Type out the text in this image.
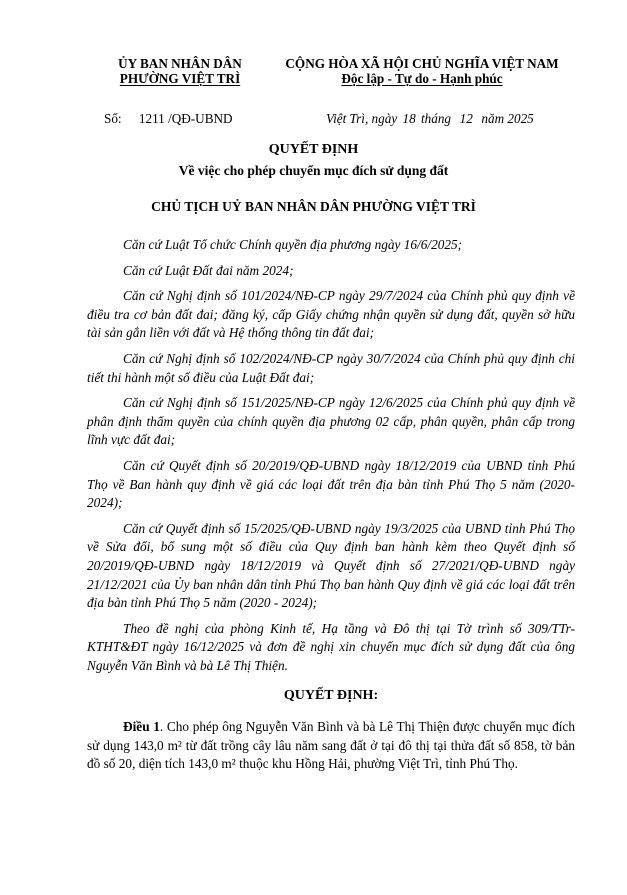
ỦY BAN NHÂN DÂN
PHƯỜNG VIỆT TRÌ
CỘNG HÒA XÃ HỘI CHỦ NGHĨA VIỆT NAM
Độc lập - Tự do - Hạnh phúc
Số: 1211 /QĐ-UBND	Việt Trì, ngày 18 tháng 12 năm 2025
QUYẾT ĐỊNH
Về việc cho phép chuyển mục đích sử dụng đất
CHỦ TỊCH UỶ BAN NHÂN DÂN PHƯỜNG VIỆT TRÌ

Căn cứ Luật Tổ chức Chính quyền địa phương ngày 16/6/2025;

Căn cứ Luật Đất đai năm 2024;

Căn cứ Nghị định số 101/2024/NĐ-CP ngày 29/7/2024 của Chính phủ quy định về điều tra cơ bản đất đai; đăng ký, cấp Giấy chứng nhận quyền sử dụng đất, quyền sở hữu tài sản gắn liền với đất và Hệ thống thông tin đất đai;

Căn cứ Nghị định số 102/2024/NĐ-CP ngày 30/7/2024 của Chính phủ quy định chi tiết thi hành một số điều của Luật Đất đai;

Căn cứ Nghị định số 151/2025/NĐ-CP ngày 12/6/2025 của Chính phủ quy định về phân định thẩm quyền của chính quyền địa phương 02 cấp, phân quyền, phân cấp trong lĩnh vực đất đai;

Căn cứ Quyết định số 20/2019/QĐ-UBND ngày 18/12/2019 của UBND tỉnh Phú Thọ về Ban hành quy định về giá các loại đất trên địa bàn tỉnh Phú Thọ 5 năm (2020-2024);

Căn cứ Quyết định số 15/2025/QĐ-UBND ngày 19/3/2025 của UBND tỉnh Phú Thọ về Sửa đổi, bổ sung một số điều của Quy định ban hành kèm theo Quyết định số 20/2019/QĐ-UBND ngày 18/12/2019 và Quyết định số 27/2021/QĐ-UBND ngày 21/12/2021 của Ủy ban nhân dân tỉnh Phú Thọ ban hành Quy định về giá các loại đất trên địa bàn tỉnh Phú Thọ 5 năm (2020 - 2024);

Theo đề nghị của phòng Kinh tế, Hạ tầng và Đô thị tại Tờ trình số 309/TTr-KTHT&ĐT ngày 16/12/2025 và đơn đề nghị xin chuyển mục đích sử dụng đất của ông Nguyễn Văn Bình và bà Lê Thị Thiện.

QUYẾT ĐỊNH:

Điều 1. Cho phép ông Nguyễn Văn Bình và bà Lê Thị Thiện được chuyển mục đích sử dụng 143,0 m² từ đất trồng cây lâu năm sang đất ở tại đô thị tại thửa đất số 858, tờ bản đồ số 20, diện tích 143,0 m² thuộc khu Hồng Hải, phường Việt Trì, tỉnh Phú Thọ.
